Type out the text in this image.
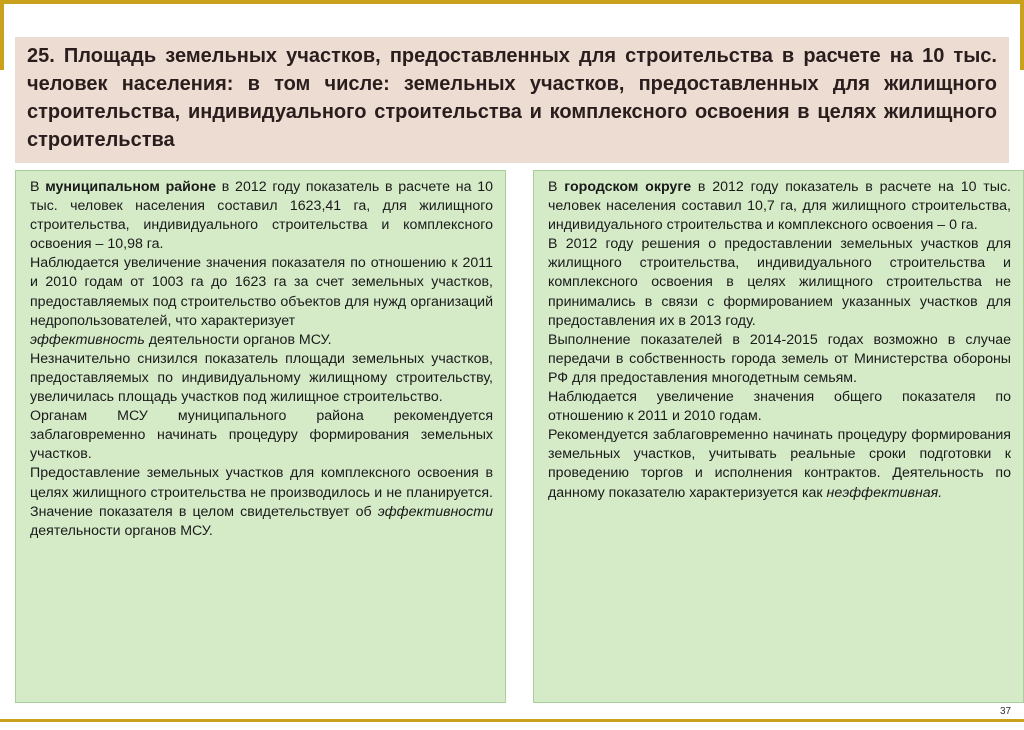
25. Площадь земельных участков, предоставленных для строительства в расчете на 10 тыс. человек населения: в том числе: земельных участков, предоставленных для жилищного строительства, индивидуального строительства и комплексного освоения в целях жилищного строительства

В муниципальном районе в 2012 году показатель в расчете на 10 тыс. человек населения составил 1623,41 га, для жилищного строительства, индивидуального строительства и комплексного освоения – 10,98 га.

Наблюдается увеличение значения показателя по отношению к 2011 и 2010 годам от 1003 га до 1623 га за счет земельных участков, предоставляемых под строительство объектов для нужд организаций недропользователей, что характеризует
эффективность деятельности органов МСУ.

Незначительно снизился показатель площади земельных участков, предоставляемых по индивидуальному жилищному строительству, увеличилась площадь участков под жилищное строительство.

Органам МСУ муниципального района рекомендуется заблаговременно начинать процедуру формирования земельных участков.

Предоставление земельных участков для комплексного освоения в целях жилищного строительства не производилось и не планируется. Значение показателя в целом свидетельствует об эффективности деятельности органов МСУ.

В городском округе в 2012 году показатель в расчете на 10 тыс. человек населения составил 10,7 га, для жилищного строительства, индивидуального строительства и комплексного освоения – 0 га.

В 2012 году решения о предоставлении земельных участков для жилищного строительства, индивидуального строительства и комплексного освоения в целях жилищного строительства не принимались в связи с формированием указанных участков для предоставления их в 2013 году.

Выполнение показателей в 2014-2015 годах возможно в случае передачи в собственность города земель от Министерства обороны РФ для предоставления многодетным семьям.

Наблюдается увеличение значения общего показателя по отношению к 2011 и 2010 годам.

Рекомендуется заблаговременно начинать процедуру формирования земельных участков, учитывать реальные сроки подготовки к проведению торгов и исполнения контрактов. Деятельность по данному показателю характеризуется как неэффективная.

37
